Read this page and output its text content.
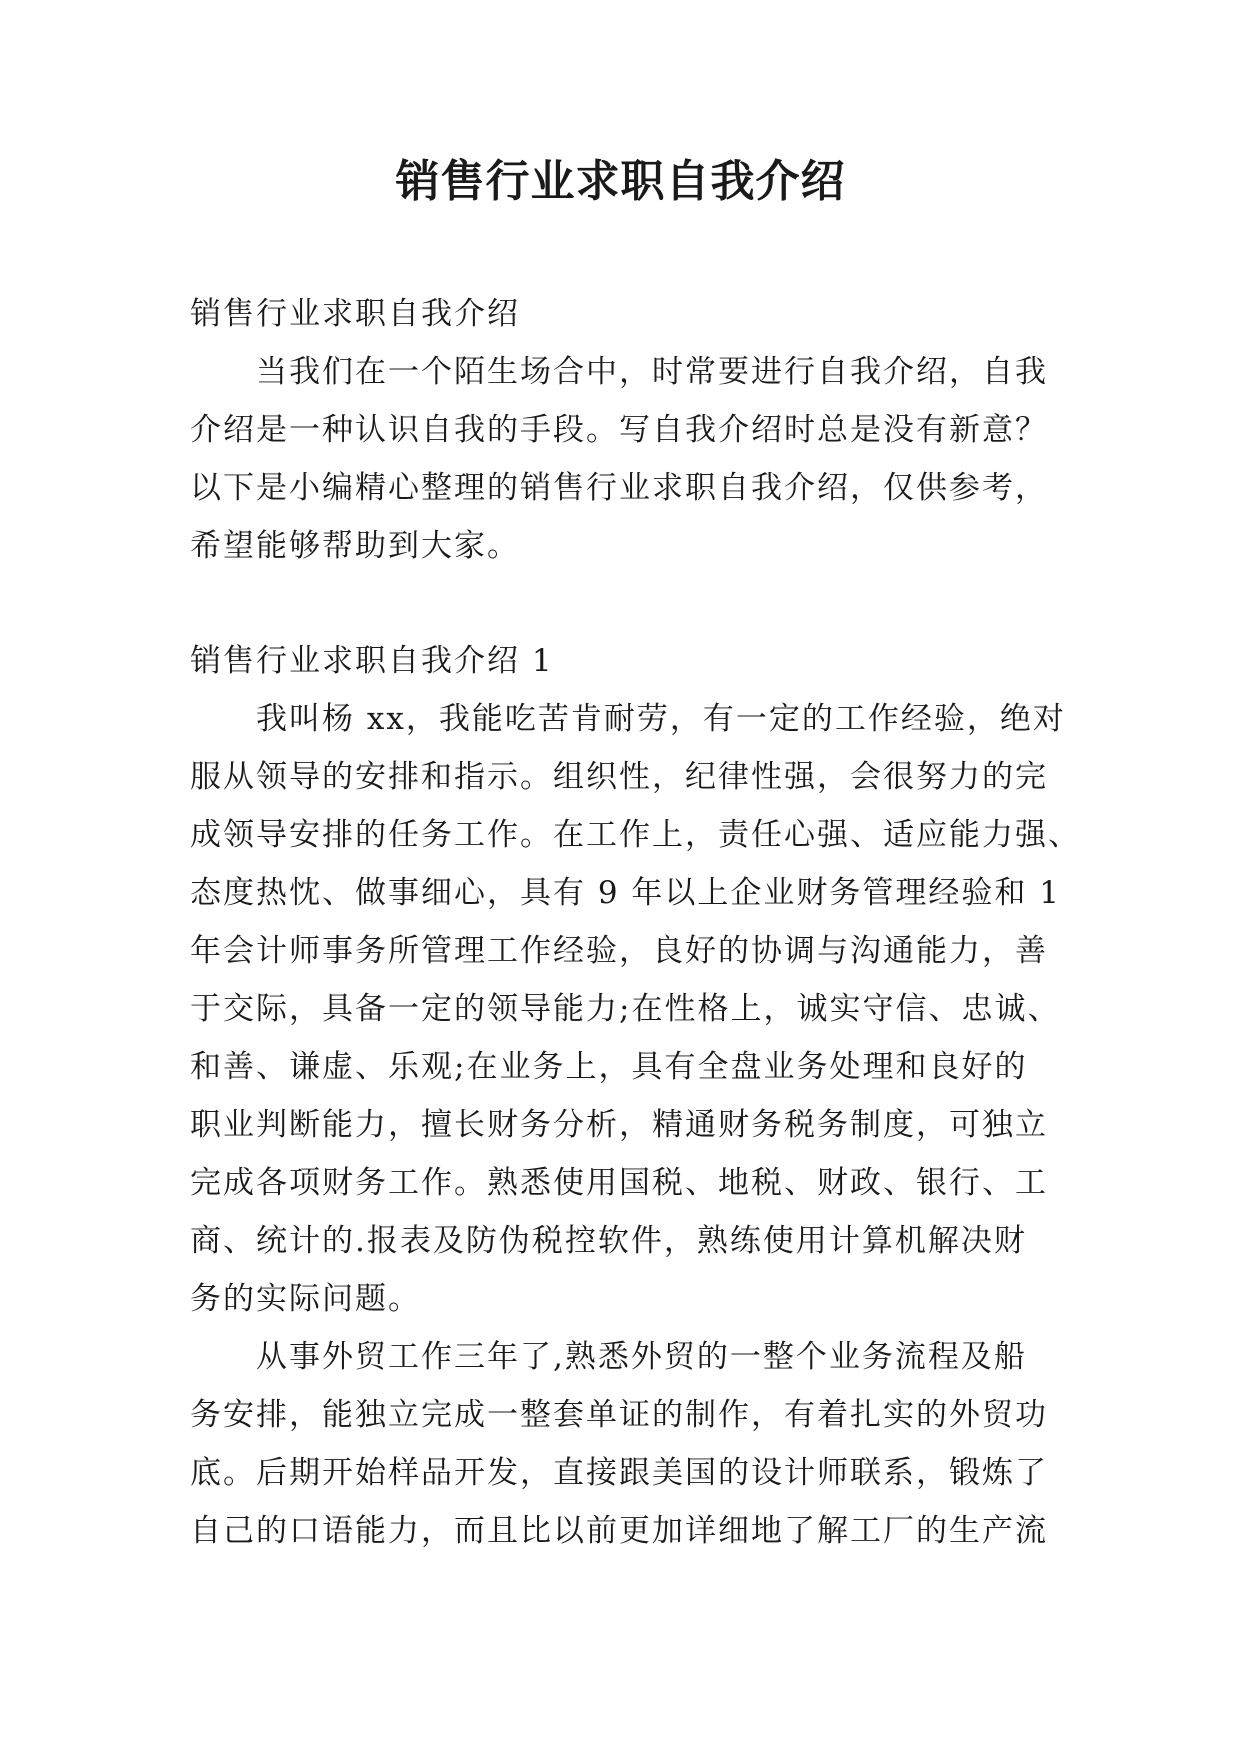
销售行业求职自我介绍

销售行业求职自我介绍

当我们在一个陌生场合中，时常要进行自我介绍，自我

介绍是一种认识自我的手段。写自我介绍时总是没有新意？

以下是小编精心整理的销售行业求职自我介绍，仅供参考，

希望能够帮助到大家。

销售行业求职自我介绍 1

我叫杨 xx，我能吃苦肯耐劳，有一定的工作经验，绝对

服从领导的安排和指示。组织性，纪律性强，会很努力的完

成领导安排的任务工作。在工作上，责任心强、适应能力强、

态度热忱、做事细心，具有 9 年以上企业财务管理经验和 1

年会计师事务所管理工作经验，良好的协调与沟通能力，善

于交际，具备一定的领导能力;在性格上，诚实守信、忠诚、

和善、谦虚、乐观;在业务上，具有全盘业务处理和良好的

职业判断能力，擅长财务分析，精通财务税务制度，可独立

完成各项财务工作。熟悉使用国税、地税、财政、银行、工

商、统计的.报表及防伪税控软件，熟练使用计算机解决财

务的实际问题。

从事外贸工作三年了,熟悉外贸的一整个业务流程及船

务安排，能独立完成一整套单证的制作，有着扎实的外贸功

底。后期开始样品开发，直接跟美国的设计师联系，锻炼了

自己的口语能力，而且比以前更加详细地了解工厂的生产流
